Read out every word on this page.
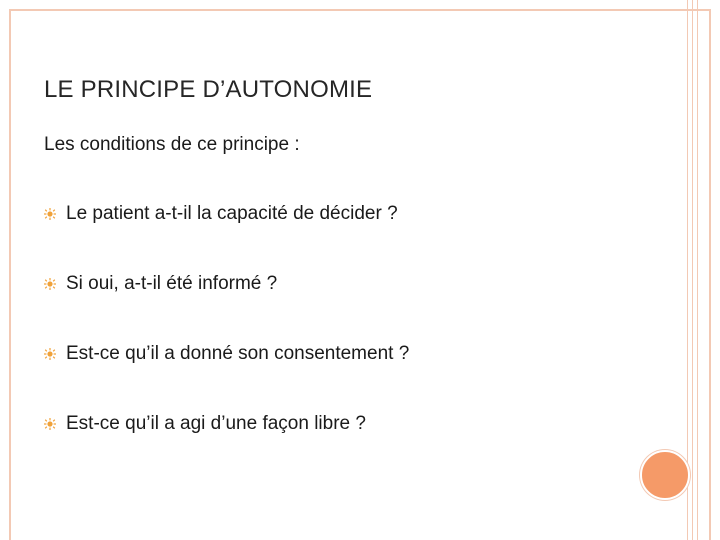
LE PRINCIPE D’AUTONOMIE
Les conditions de ce principe :
Le patient a-t-il la capacité de décider ?
Si oui, a-t-il été informé ?
Est-ce qu’il a donné son consentement ?
Est-ce qu’il a agi d’une façon libre ?
